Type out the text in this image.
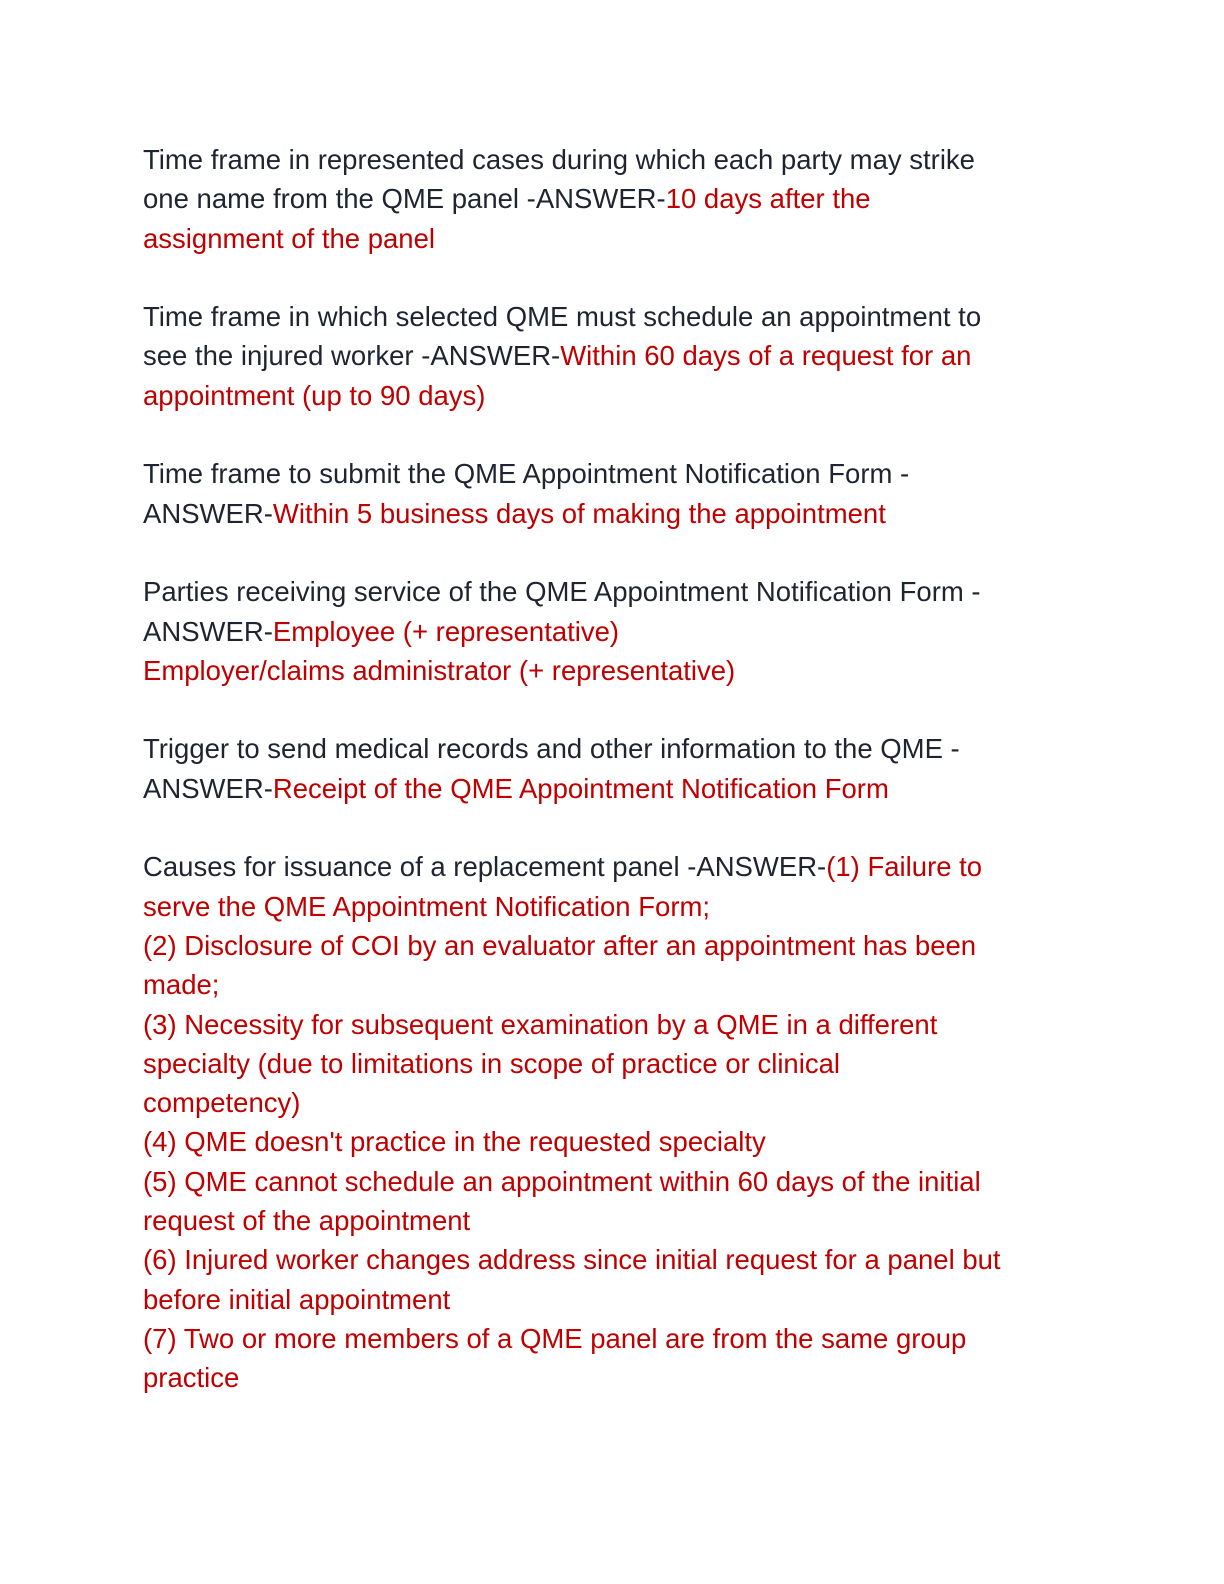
Time frame in represented cases during which each party may strike
one name from the QME panel -ANSWER-10 days after the
assignment of the panel
Time frame in which selected QME must schedule an appointment to
see the injured worker -ANSWER-Within 60 days of a request for an
appointment (up to 90 days)
Time frame to submit the QME Appointment Notification Form -
ANSWER-Within 5 business days of making the appointment
Parties receiving service of the QME Appointment Notification Form -
ANSWER-Employee (+ representative)
Employer/claims administrator (+ representative)
Trigger to send medical records and other information to the QME -
ANSWER-Receipt of the QME Appointment Notification Form
Causes for issuance of a replacement panel -ANSWER-(1) Failure to
serve the QME Appointment Notification Form;
(2) Disclosure of COI by an evaluator after an appointment has been
made;
(3) Necessity for subsequent examination by a QME in a different
specialty (due to limitations in scope of practice or clinical
competency)
(4) QME doesn't practice in the requested specialty
(5) QME cannot schedule an appointment within 60 days of the initial
request of the appointment
(6) Injured worker changes address since initial request for a panel but
before initial appointment
(7) Two or more members of a QME panel are from the same group
practice
